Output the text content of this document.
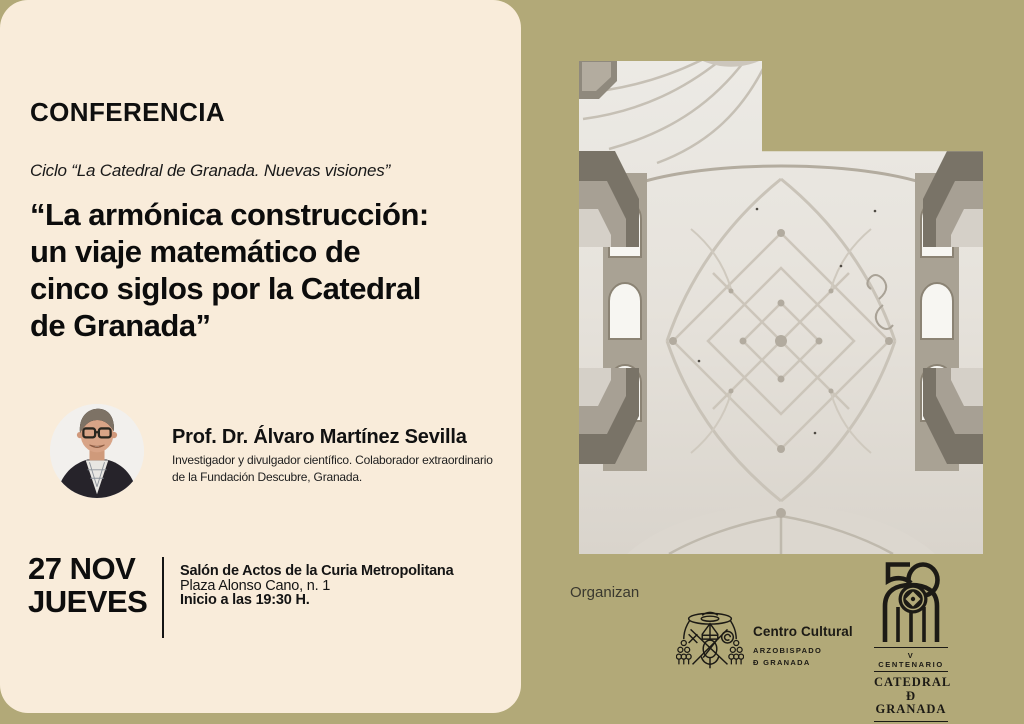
CONFERENCIA
Ciclo “La Catedral de Granada. Nuevas visiones”
“La armónica construcción:
un viaje matemático de
cinco siglos por la Catedral
de Granada”
Prof. Dr. Álvaro Martínez Sevilla
Investigador y divulgador científico. Colaborador extraordinario
de la Fundación Descubre, Granada.
27 NOV
JUEVES
Salón de Actos de la Curia Metropolitana
Plaza Alonso Cano, n. 1
Inicio a las 19:30 H.	Organizan
Centro Cultural
ARZOBISPADO
Ð GRANADA
V CENTENARIO
CATEDRAL
Ð GRANADA
